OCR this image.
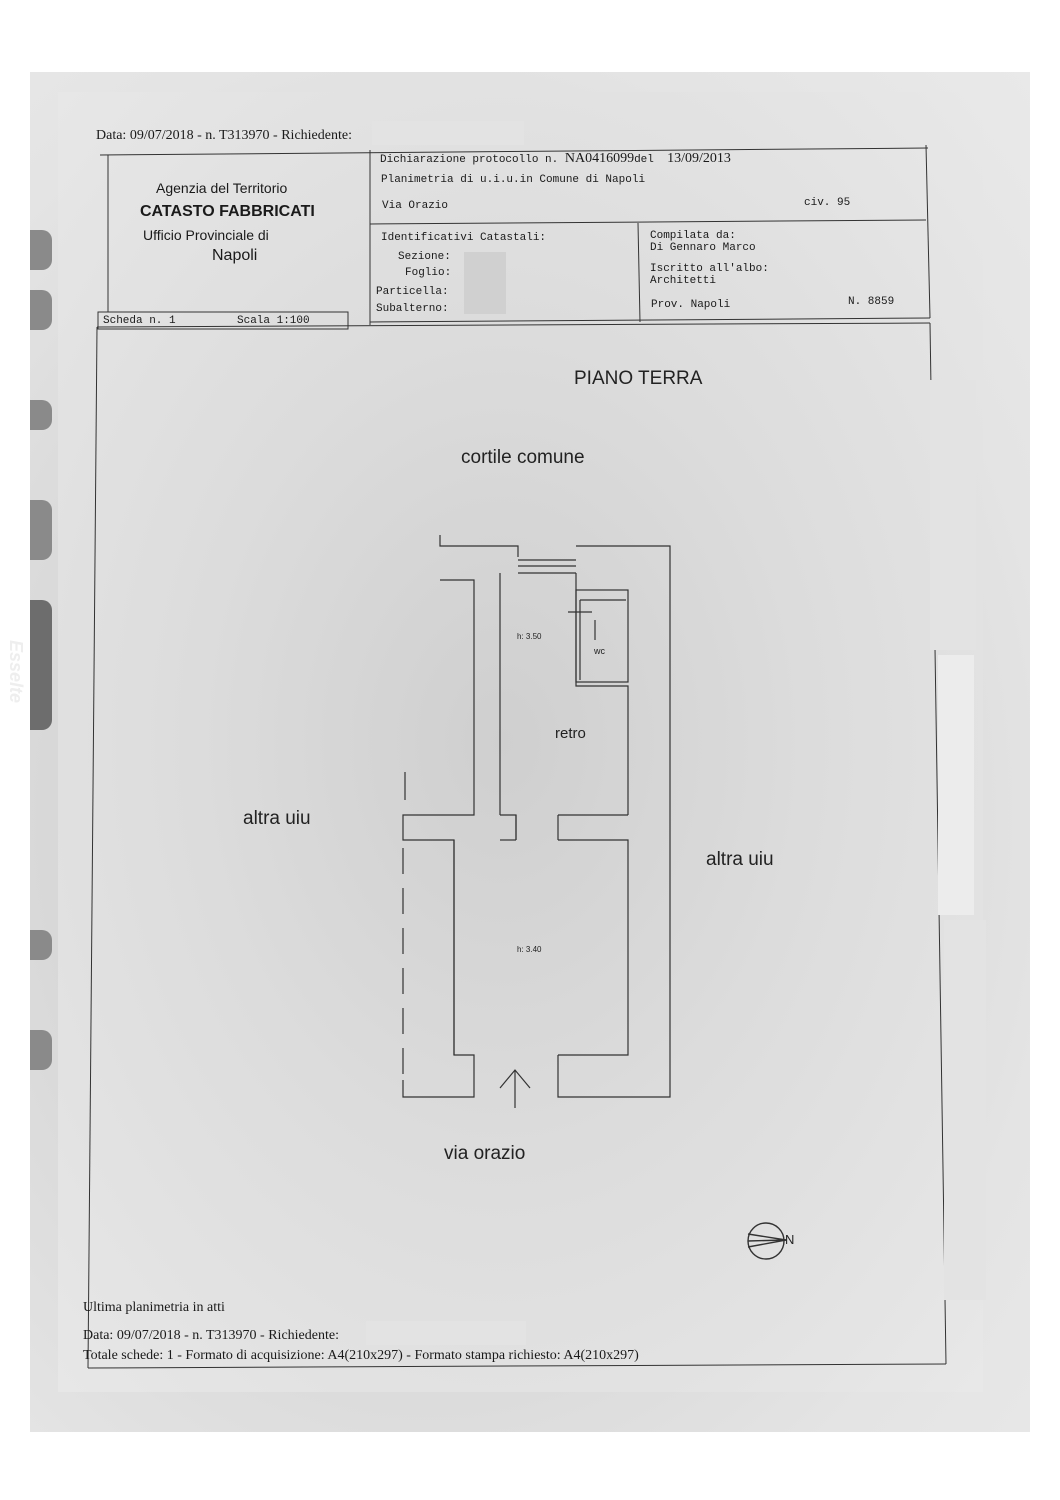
Esselte
Data: 09/07/2018 - n. T313970 - Richiedente:
Agenzia del Territorio
CATASTO FABBRICATI
Ufficio Provinciale di
Napoli
Dichiarazione protocollo n. NA0416099del 13/09/2013
Planimetria di u.i.u.in Comune di Napoli
Via Orazio	civ. 95
Identificativi Catastali:
Sezione:
Foglio:
Particella:
Subalterno:
Compilata da:
Di Gennaro Marco
Iscritto all'albo:
Architetti
Prov. Napoli	N. 8859
Scheda n. 1	Scala 1:100
PIANO TERRA
cortile comune
altra uiu
altra uiu
via orazio
h: 3.50
h: 3.40
wc
retro
N
Ultima planimetria in atti
Data: 09/07/2018 - n. T313970 - Richiedente:
Totale schede: 1 - Formato di acquisizione: A4(210x297) - Formato stampa richiesto: A4(210x297)
